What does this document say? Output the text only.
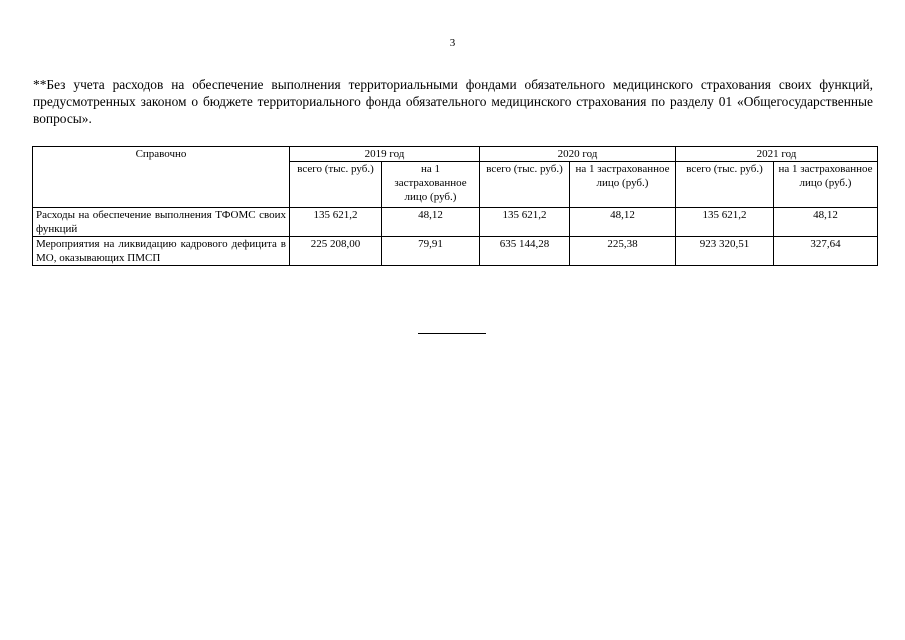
3

**Без учета расходов на обеспечение выполнения территориальными фондами обязательного медицинского страхования своих функций, предусмотренных законом о бюджете территориального фонда обязательного медицинского страхования по разделу 01 «Общегосударственные вопросы».

Справочно	2019 год		2020 год		2021 год	
	всего (тыс. руб.)	на 1 застрахованное лицо (руб.)	всего (тыс. руб.)	на 1 застрахованное лицо (руб.)	всего (тыс. руб.)	на 1 застрахованное лицо (руб.)
Расходы на обеспечение выполнения ТФОМС своих функций	135 621,2	48,12	135 621,2	48,12	135 621,2	48,12
Мероприятия на ликвидацию кадрового дефицита в МО, оказывающих ПМСП	225 208,00	79,91	635 144,28	225,38	923 320,51	327,64
